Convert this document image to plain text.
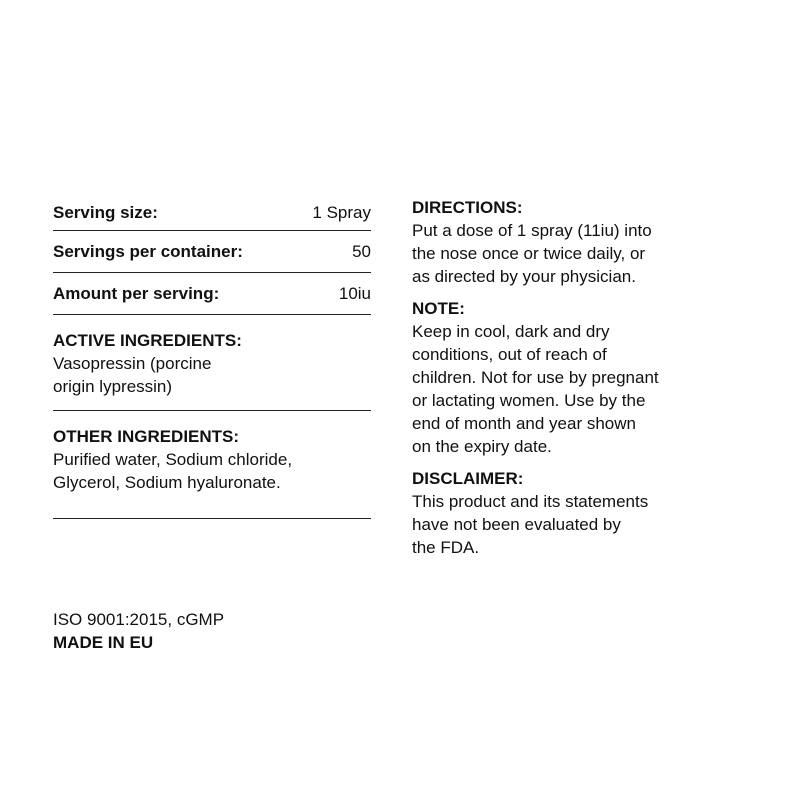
Serving size:	1 Spray
Servings per container:	50
Amount per serving:	10iu
ACTIVE INGREDIENTS:

Vasopressin (porcine

origin lypressin)

OTHER INGREDIENTS:

Purified water, Sodium chloride,

Glycerol, Sodium hyaluronate.

DIRECTIONS:

Put a dose of 1 spray (11iu) into

the nose once or twice daily, or

as directed by your physician.

NOTE:

Keep in cool, dark and dry

conditions, out of reach of

children. Not for use by pregnant

or lactating women. Use by the

end of month and year shown

on the expiry date.

DISCLAIMER:

This product and its statements

have not been evaluated by

the FDA.

ISO 9001:2015, cGMP
MADE IN EU
